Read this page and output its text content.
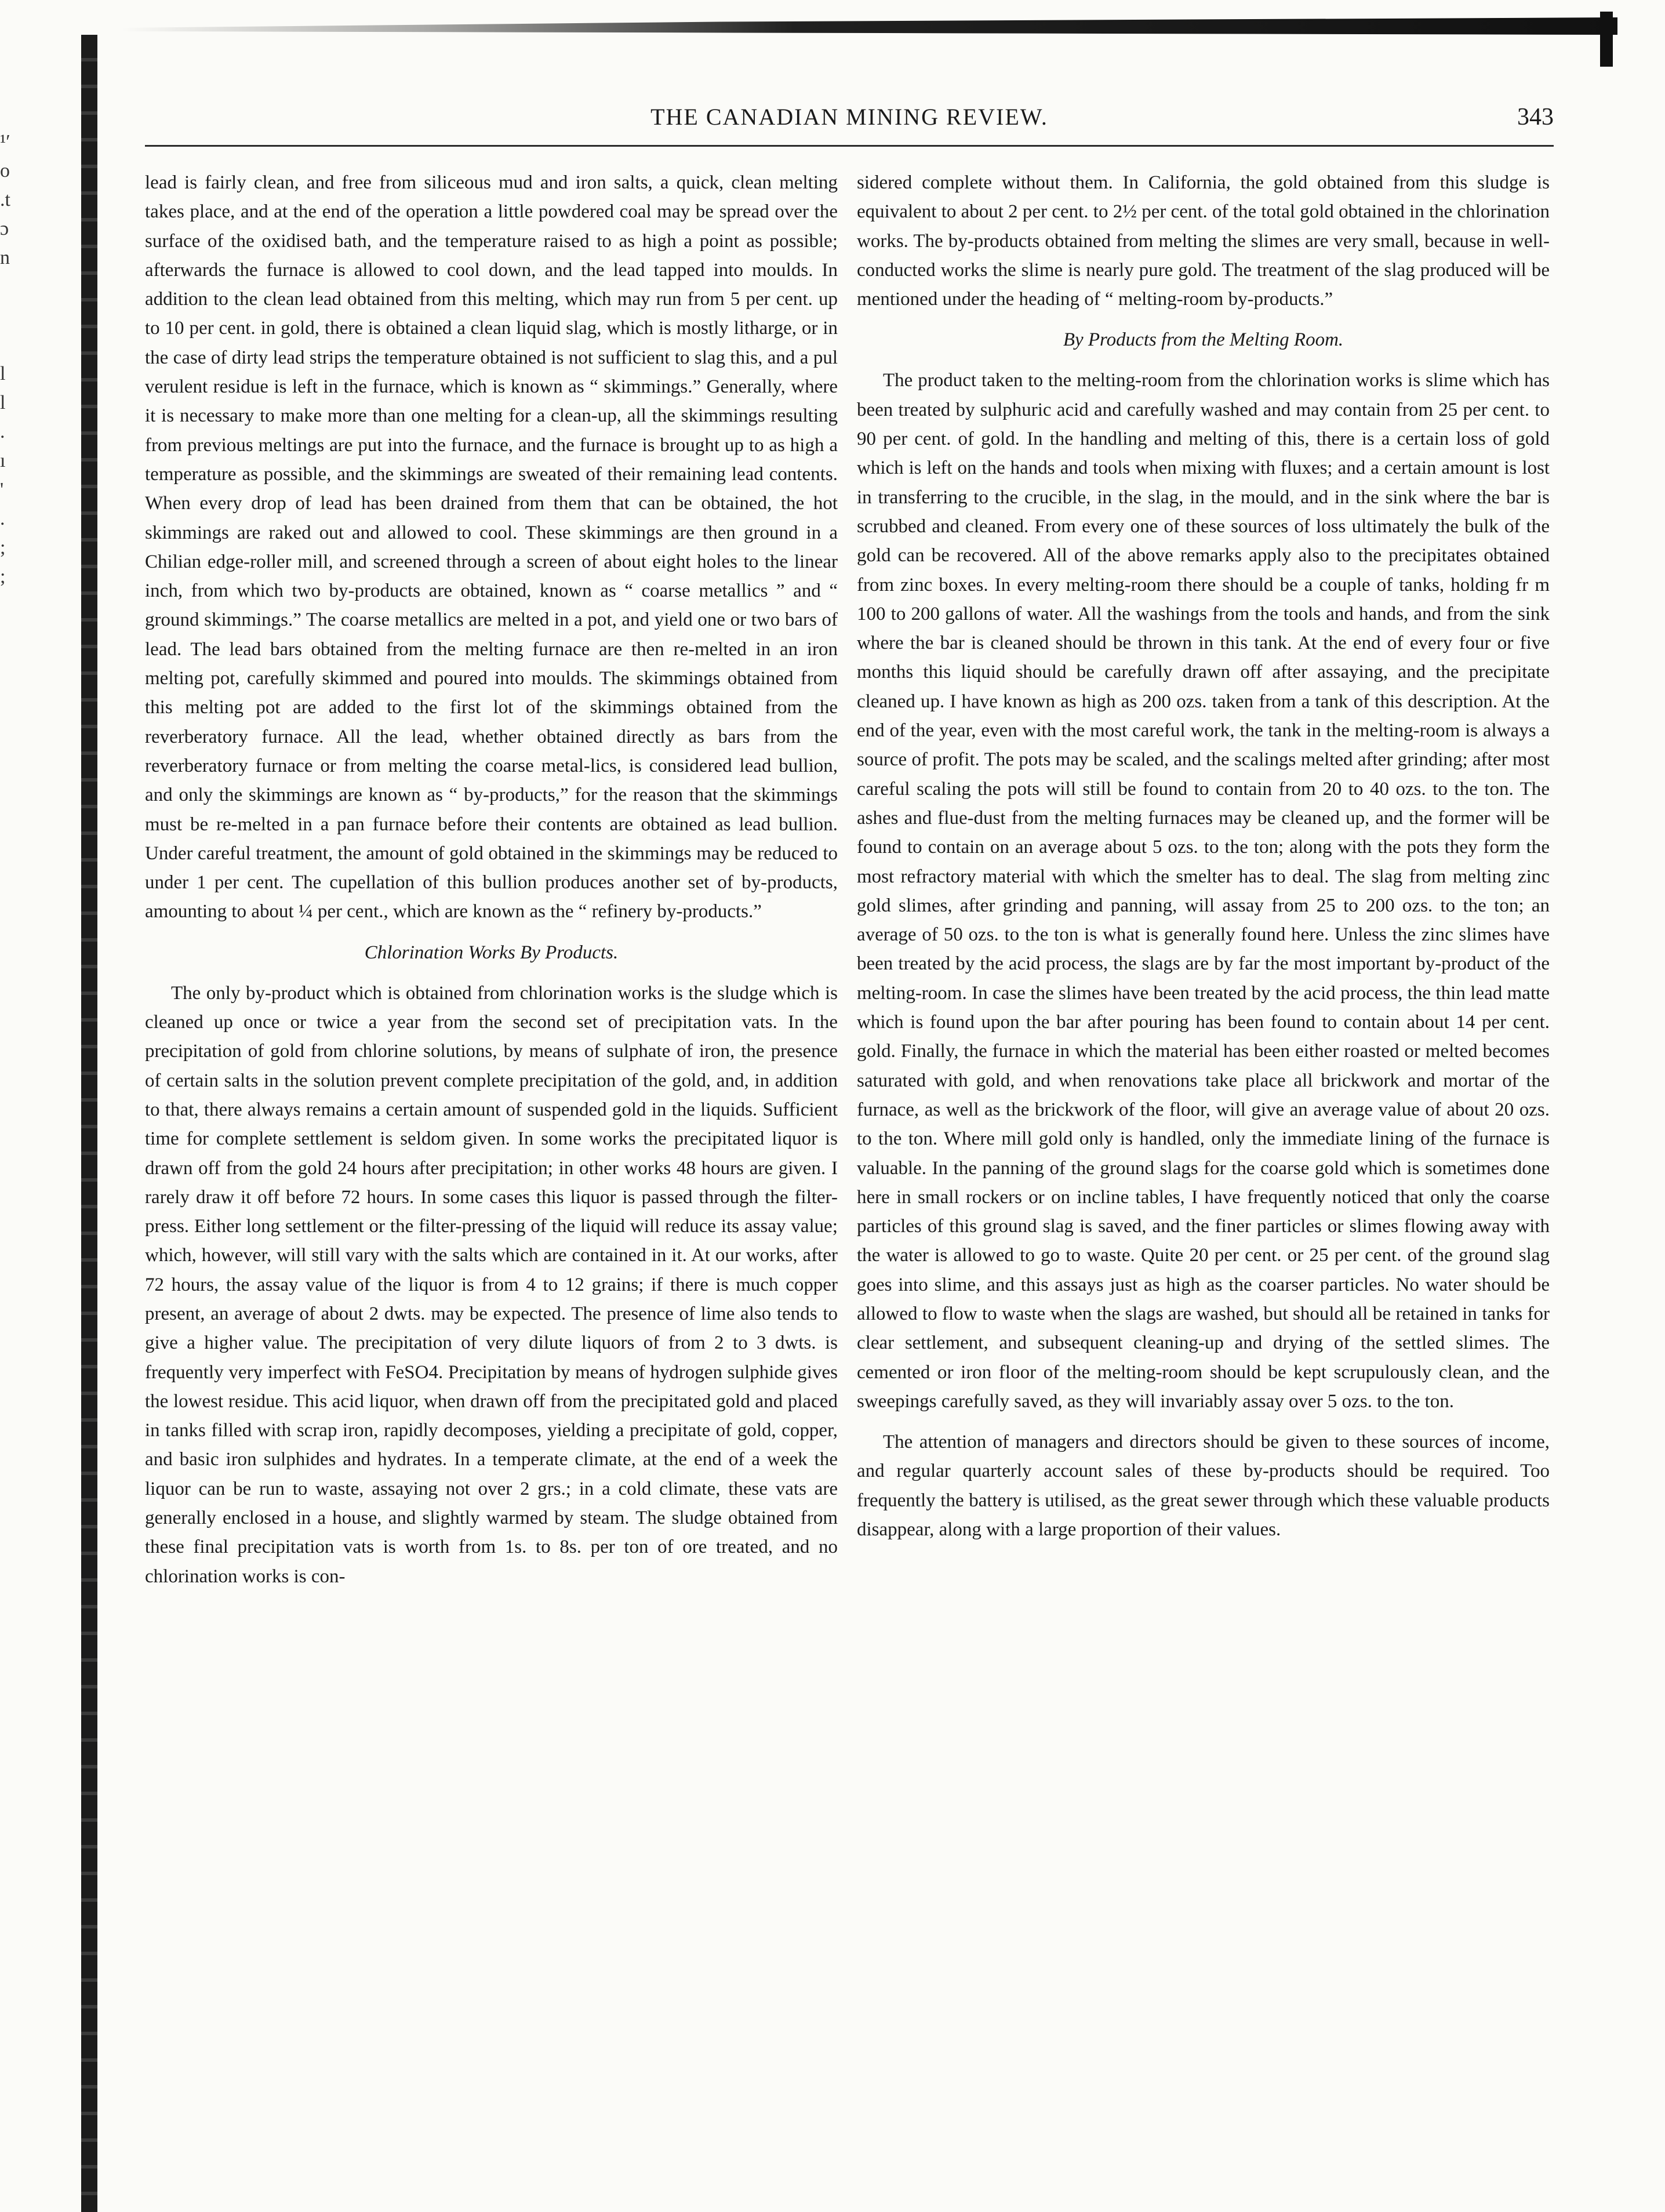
¹′
o
.t
ɔ
n
l
l
.
ı
'
.
;
;
THE CANADIAN MINING REVIEW.	343

lead is fairly clean, and free from siliceous mud and iron salts, a quick, clean melting takes place, and at the end of the operation a little powdered coal may be spread over the surface of the oxidised bath, and the temperature raised to as high a point as possible; afterwards the furnace is allowed to cool down, and the lead tapped into moulds. In addition to the clean lead obtained from this melting, which may run from 5 per cent. up to 10 per cent. in gold, there is obtained a clean liquid slag, which is mostly litharge, or in the case of dirty lead strips the temperature obtained is not sufficient to slag this, and a pul verulent residue is left in the furnace, which is known as “ skimmings.” Generally, where it is necessary to make more than one melting for a clean-up, all the skimmings resulting from previous meltings are put into the furnace, and the furnace is brought up to as high a temperature as possible, and the skimmings are sweated of their remaining lead contents. When every drop of lead has been drained from them that can be obtained, the hot skimmings are raked out and allowed to cool. These skimmings are then ground in a Chilian edge-roller mill, and screened through a screen of about eight holes to the linear inch, from which two by-products are obtained, known as “ coarse metallics ” and “ ground skimmings.” The coarse metallics are melted in a pot, and yield one or two bars of lead. The lead bars obtained from the melting furnace are then re-melted in an iron melting pot, carefully skimmed and poured into moulds. The skimmings obtained from this melting pot are added to the first lot of the skimmings obtained from the reverberatory furnace. All the lead, whether obtained directly as bars from the reverberatory furnace or from melting the coarse metal-lics, is considered lead bullion, and only the skimmings are known as “ by-products,” for the reason that the skimmings must be re-melted in a pan furnace before their contents are obtained as lead bullion. Under careful treatment, the amount of gold obtained in the skimmings may be reduced to under 1 per cent. The cupellation of this bullion produces another set of by-products, amounting to about ¼ per cent., which are known as the “ refinery by-products.”

Chlorination Works By Products.

The only by-product which is obtained from chlorination works is the sludge which is cleaned up once or twice a year from the second set of precipitation vats. In the precipitation of gold from chlorine solutions, by means of sulphate of iron, the presence of certain salts in the solution prevent complete precipitation of the gold, and, in addition to that, there always remains a certain amount of suspended gold in the liquids. Sufficient time for complete settlement is seldom given. In some works the precipitated liquor is drawn off from the gold 24 hours after precipitation; in other works 48 hours are given. I rarely draw it off before 72 hours. In some cases this liquor is passed through the filter-press. Either long settlement or the filter-pressing of the liquid will reduce its assay value; which, however, will still vary with the salts which are contained in it. At our works, after 72 hours, the assay value of the liquor is from 4 to 12 grains; if there is much copper present, an average of about 2 dwts. may be expected. The presence of lime also tends to give a higher value. The precipitation of very dilute liquors of from 2 to 3 dwts. is frequently very imperfect with FeSO4. Precipitation by means of hydrogen sulphide gives the lowest residue. This acid liquor, when drawn off from the precipitated gold and placed in tanks filled with scrap iron, rapidly decomposes, yielding a precipitate of gold, copper, and basic iron sulphides and hydrates. In a temperate climate, at the end of a week the liquor can be run to waste, assaying not over 2 grs.; in a cold climate, these vats are generally enclosed in a house, and slightly warmed by steam. The sludge obtained from these final precipitation vats is worth from 1s. to 8s. per ton of ore treated, and no chlorination works is con-

sidered complete without them. In California, the gold obtained from this sludge is equivalent to about 2 per cent. to 2½ per cent. of the total gold obtained in the chlorination works. The by-products obtained from melting the slimes are very small, because in well-conducted works the slime is nearly pure gold. The treatment of the slag produced will be mentioned under the heading of “ melting-room by-products.”

By Products from the Melting Room.

The product taken to the melting-room from the chlorination works is slime which has been treated by sulphuric acid and carefully washed and may contain from 25 per cent. to 90 per cent. of gold. In the handling and melting of this, there is a certain loss of gold which is left on the hands and tools when mixing with fluxes; and a certain amount is lost in transferring to the crucible, in the slag, in the mould, and in the sink where the bar is scrubbed and cleaned. From every one of these sources of loss ultimately the bulk of the gold can be recovered. All of the above remarks apply also to the precipitates obtained from zinc boxes. In every melting-room there should be a couple of tanks, holding fr m 100 to 200 gallons of water. All the washings from the tools and hands, and from the sink where the bar is cleaned should be thrown in this tank. At the end of every four or five months this liquid should be carefully drawn off after assaying, and the precipitate cleaned up. I have known as high as 200 ozs. taken from a tank of this description. At the end of the year, even with the most careful work, the tank in the melting-room is always a source of profit. The pots may be scaled, and the scalings melted after grinding; after most careful scaling the pots will still be found to contain from 20 to 40 ozs. to the ton. The ashes and flue-dust from the melting furnaces may be cleaned up, and the former will be found to contain on an average about 5 ozs. to the ton; along with the pots they form the most refractory material with which the smelter has to deal. The slag from melting zinc gold slimes, after grinding and panning, will assay from 25 to 200 ozs. to the ton; an average of 50 ozs. to the ton is what is generally found here. Unless the zinc slimes have been treated by the acid process, the slags are by far the most important by-product of the melting-room. In case the slimes have been treated by the acid process, the thin lead matte which is found upon the bar after pouring has been found to contain about 14 per cent. gold. Finally, the furnace in which the material has been either roasted or melted becomes saturated with gold, and when renovations take place all brickwork and mortar of the furnace, as well as the brickwork of the floor, will give an average value of about 20 ozs. to the ton. Where mill gold only is handled, only the immediate lining of the furnace is valuable. In the panning of the ground slags for the coarse gold which is sometimes done here in small rockers or on incline tables, I have frequently noticed that only the coarse particles of this ground slag is saved, and the finer particles or slimes flowing away with the water is allowed to go to waste. Quite 20 per cent. or 25 per cent. of the ground slag goes into slime, and this assays just as high as the coarser particles. No water should be allowed to flow to waste when the slags are washed, but should all be retained in tanks for clear settlement, and subsequent cleaning-up and drying of the settled slimes. The cemented or iron floor of the melting-room should be kept scrupulously clean, and the sweepings carefully saved, as they will invariably assay over 5 ozs. to the ton.

The attention of managers and directors should be given to these sources of income, and regular quarterly account sales of these by-products should be required. Too frequently the battery is utilised, as the great sewer through which these valuable products disappear, along with a large proportion of their values.
